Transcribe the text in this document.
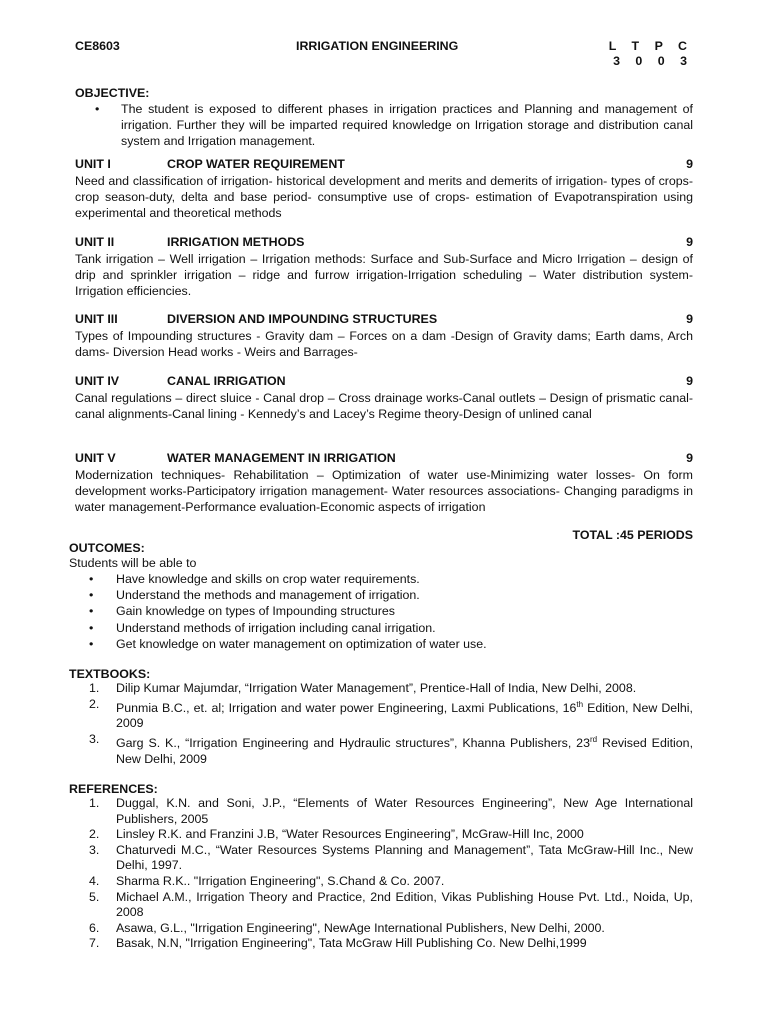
CE8603	IRRIGATION ENGINEERING	L T P C
3 0 0 3
OBJECTIVE:
• The student is exposed to different phases in irrigation practices and Planning and management of irrigation. Further they will be imparted required knowledge on Irrigation storage and distribution canal system and Irrigation management.
UNIT I	CROP WATER REQUIREMENT	9
Need and classification of irrigation- historical development and merits and demerits of irrigation- types of crops-crop season-duty, delta and base period- consumptive use of crops- estimation of Evapotranspiration using experimental and theoretical methods
UNIT II	IRRIGATION METHODS	9
Tank irrigation – Well irrigation – Irrigation methods: Surface and Sub-Surface and Micro Irrigation – design of drip and sprinkler irrigation – ridge and furrow irrigation-Irrigation scheduling – Water distribution system- Irrigation efficiencies.
UNIT III	DIVERSION AND IMPOUNDING STRUCTURES	9
Types of Impounding structures - Gravity dam – Forces on a dam -Design of Gravity dams; Earth dams, Arch dams- Diversion Head works - Weirs and Barrages-
UNIT IV	CANAL IRRIGATION	9
Canal regulations – direct sluice - Canal drop – Cross drainage works-Canal outlets – Design of prismatic canal-canal alignments-Canal lining - Kennedy’s and Lacey’s Regime theory-Design of unlined canal
UNIT V	WATER MANAGEMENT IN IRRIGATION	9
Modernization techniques- Rehabilitation – Optimization of water use-Minimizing water losses- On form development works-Participatory irrigation management- Water resources associations- Changing paradigms in water management-Performance evaluation-Economic aspects of irrigation
TOTAL :45 PERIODS
OUTCOMES:
Students will be able to
• Have knowledge and skills on crop water requirements.
• Understand the methods and management of irrigation.
• Gain knowledge on types of Impounding structures
• Understand methods of irrigation including canal irrigation.
• Get knowledge on water management on optimization of water use.
TEXTBOOKS:
1. Dilip Kumar Majumdar, “Irrigation Water Management”, Prentice-Hall of India, New Delhi, 2008.
2. Punmia B.C., et. al; Irrigation and water power Engineering, Laxmi Publications, 16th Edition, New Delhi, 2009
3. Garg S. K., “Irrigation Engineering and Hydraulic structures”, Khanna Publishers, 23rd Revised Edition, New Delhi, 2009
REFERENCES:
1. Duggal, K.N. and Soni, J.P., “Elements of Water Resources Engineering”, New Age International Publishers, 2005
2. Linsley R.K. and Franzini J.B, “Water Resources Engineering”, McGraw-Hill Inc, 2000
3. Chaturvedi M.C., “Water Resources Systems Planning and Management”, Tata McGraw-Hill Inc., New Delhi, 1997.
4. Sharma R.K.. "Irrigation Engineering", S.Chand & Co. 2007.
5. Michael A.M., Irrigation Theory and Practice, 2nd Edition, Vikas Publishing House Pvt. Ltd., Noida, Up, 2008
6. Asawa, G.L., "Irrigation Engineering", NewAge International Publishers, New Delhi, 2000.
7. Basak, N.N, "Irrigation Engineering", Tata McGraw Hill Publishing Co. New Delhi,1999
